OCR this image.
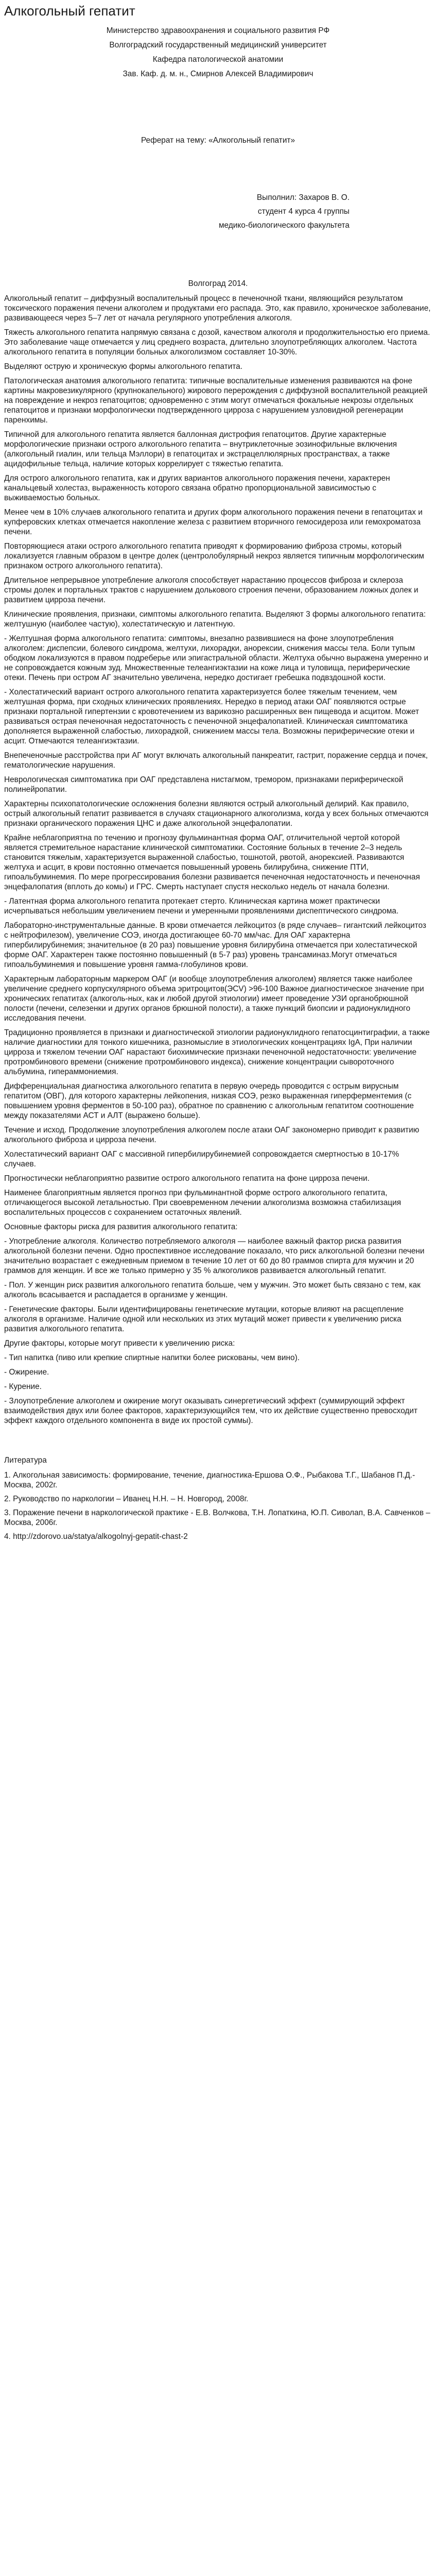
Алкогольный гепатит

Министерство здравоохранения и социального развития РФ

Волгоградский государственный медицинский университет

Кафедра патологической анатомии

Зав. Каф. д. м. н., Смирнов Алексей Владимирович

Реферат на тему: «Алкогольный гепатит»

Выполнил: Захаров В. О.

студент 4 курса 4 группы

медико-биологического факультета

Волгоград 2014.

Алкогольный гепатит – диффузный воспалительный процесс в печеночной ткани, являющийся результатом токсического поражения печени алкоголем и продуктами его распада. Это, как правило, хроническое заболевание, развивающееся через 5–7 лет от начала регулярного употребления алкоголя.

Тяжесть алкогольного гепатита напрямую связана с дозой, качеством алкоголя и продолжительностью его приема. Это заболевание чаще отмечается у лиц среднего возраста, длительно злоупотребляющих алкоголем. Частота алкогольного гепатита в популяции больных алкоголизмом составляет 10-30%.

Выделяют острую и хроническую формы алкогольного гепатита.

Патологическая анатомия алкогольного гепатита: типичные воспалительные изменения развиваются на фоне картины макровезикулярного (крупнокапельного) жирового перерождения с диффузной воспалительной реакцией на повреждение и некроз гепатоцитов; одновременно с этим могут отмечаться фокальные некрозы отдельных гепатоцитов и признаки морфологически подтвержденного цирроза с нарушением узловидной регенерации паренхимы.

Типичной для алкогольного гепатита является баллонная дистрофия гепатоцитов. Другие характерные морфологические признаки острого алкогольного гепатита – внутриклеточные эозинофильные включения (алкогольный гиалин, или тельца Мэллори) в гепатоцитах и экстрацеллюлярных пространствах, а также ацидофильные тельца, наличие которых коррелирует с тяжестью гепатита.

Для острого алкогольного гепатита, как и других вариантов алкогольного поражения печени, характерен канальцевый холестаз, выраженность которого связана обратно пропорциональной зависимостью с выживаемостью больных.

Менее чем в 10% случаев алкогольного гепатита и других форм алкогольного поражения печени в гепатоцитах и купферовских клетках отмечается накопление железа с развитием вторичного гемосидероза или гемохроматоза печени.

Повторяющиеся атаки острого алкогольного гепатита приводят к формированию фиброза стромы, который локализуется главным образом в центре долек (центролобулярный некроз является типичным морфологическим признаком острого алкогольного гепатита).

Длительное непрерывное употребление алкоголя способствует нарастанию процессов фиброза и склероза стромы долек и портальных трактов с нарушением долькового строения печени, образованием ложных долек и развитием цирроза печени.

Клинические проявления, признаки, симптомы алкогольного гепатита. Выделяют 3 формы алкогольного гепатита: желтушную (наиболее частую), холестатическую и латентную.

- Желтушная форма алкогольного гепатита: симптомы, внезапно развившиеся на фоне злоупотребления алкоголем: диспепсии, болевого синдрома, желтухи, лихорадки, анорексии, снижения массы тела. Боли тупым ободком локализуются в правом подреберье или эпигастральной области. Желтуха обычно выражена умеренно и не сопровождается кожным зуд. Множественные телеангиэктазии на коже лица и туловища, периферические отеки. Печень при остром АГ значительно увеличена, нередко достигает гребешка подвздошной кости.

- Холестатический вариант острого алкогольного гепатита характеризуется более тяжелым течением, чем желтушная форма, при сходных клинических проявлениях. Нередко в период атаки ОАГ появляются острые признаки портальной гипертензии с кровотечением из варикозно расширенных вен пищевода и асцитом. Может развиваться острая печеночная недостаточность с печеночной энцефалопатией. Клиническая симптоматика дополняется выраженной слабостью, лихорадкой, снижением массы тела. Возможны периферические отеки и асцит. Отмечаются телеангиэктазии.

Внепеченочные расстройства при АГ могут включать алкогольный панкреатит, гастрит, поражение сердца и почек, гематологические нарушения.

Неврологическая симптоматика при ОАГ представлена нистагмом, тремором, признаками периферической полинейропатии.

Характерны психопатологические осложнения болезни являются острый алкогольный делирий. Как правило, острый алкогольный гепатит развивается в случаях стационарного алкоголизма, когда у всех больных отмечаются признаки органического поражения ЦНС и даже алкогольной энцефалопатии.

Крайне неблагоприятна по течению и прогнозу фульминантная форма ОАГ, отличительной чертой которой является стремительное нарастание клинической симптоматики. Состояние больных в течение 2–3 недель становится тяжелым, характеризуется выраженной слабостью, тошнотой, рвотой, анорексией. Развиваются желтуха и асцит, в крови постоянно отмечается повышенный уровень билирубина, снижение ПТИ, гипоальбуминемия. По мере прогрессирования болезни развивается печеночная недостаточность и печеночная энцефалопатия (вплоть до комы) и ГРС. Смерть наступает спустя несколько недель от начала болезни.

- Латентная форма алкогольного гепатита протекает стерто. Клиническая картина может практически исчерпываться небольшим увеличением печени и умеренными проявлениями диспептического синдрома.

Лабораторно-инструментальные данные. В крови отмечается лейкоцитоз (в ряде случаев– гигантский лейкоцитоз с нейтрофилезом), увеличение СОЭ, иногда достигающее 60-70 мм/час. Для ОАГ характерна гипербилирубинемия; значительное (в 20 раз) повышение уровня билирубина отмечается при холестатической форме ОАГ. Характерен также постоянно повышенный (в 5-7 раз) уровень трансаминаз.Могут отмечаться гипоальбуминемия и повышение уровня гамма-глобулинов крови.

Характерным лабораторным маркером ОАГ (и вообще злоупотребления алкоголем) является также наиболее увеличение среднего корпускулярного объема эритроцитов(ЭСV) >96-100 Важное диагностическое значение при хронических гепатитах (алкоголь-ных, как и любой другой этиологии) имеет проведение УЗИ органобрюшной полости (печени, селезенки и других органов брюшной полости), а также пункций биопсии и радионуклидного исследования печени.

Традиционно проявляется в признаки и диагностической этиологии радионуклидного гепатосцинтиграфии, а также наличие диагностики для тонкого кишечника, разномыслие в этиологических концентрациях IgA, При наличии цирроза и тяжелом течении ОАГ нарастают биохимические признаки печеночной недостаточности: увеличение протромбинового времени (снижение протромбинового индекса), снижение концентрации сывороточного альбумина, гипераммониемия.

Дифференциальная диагностика алкогольного гепатита в первую очередь проводится с острым вирусным гепатитом (ОВГ), для которого характерны лейкопения, низкая СОЭ, резко выраженная гиперферментемия (с повышением уровня ферментов в 50-100 раз), обратное по сравнению с алкогольным гепатитом соотношение между показателями АСТ и АЛТ (выражено больше).

Течение и исход. Продолжение злоупотребления алкоголем после атаки ОАГ закономерно приводит к развитию алкогольного фиброза и цирроза печени.

Холестатический вариант ОАГ с массивной гипербилирубинемией сопровождается смертностью в 10-17% случаев.

Прогностически неблагоприятно развитие острого алкогольного гепатита на фоне цирроза печени.

Наименее благоприятным является прогноз при фульминантной форме острого алкогольного гепатита, отличающегося высокой летальностью. При своевременном лечении алкоголизма возможна стабилизация воспалительных процессов с сохранением остаточных явлений.

Основные факторы риска для развития алкогольного гепатита:

- Употребление алкоголя. Количество потребляемого алкоголя — наиболее важный фактор риска развития алкогольной болезни печени. Одно проспективное исследование показало, что риск алкогольной болезни печени значительно возрастает с ежедневным приемом в течение 10 лет от 60 до 80 граммов спирта для мужчин и 20 граммов для женщин. И все же только примерно у 35 % алкоголиков развивается алкогольный гепатит.

- Пол. У женщин риск развития алкогольного гепатита больше, чем у мужчин. Это может быть связано с тем, как алкоголь всасывается и распадается в организме у женщин.

- Генетические факторы. Были идентифицированы генетические мутации, которые влияют на расщепление алкоголя в организме. Наличие одной или нескольких из этих мутаций может привести к увеличению риска развития алкогольного гепатита.

Другие факторы, которые могут привести к увеличению риска:

- Тип напитка (пиво или крепкие спиртные напитки более рискованы, чем вино).

- Ожирение.

- Курение.

- Злоупотребление алкоголем и ожирение могут оказывать синергетический эффект (суммирующий эффект взаимодействия двух или более факторов, характеризующийся тем, что их действие существенно превосходит эффект каждого отдельного компонента в виде их простой суммы).

Литература

1. Алкогольная зависимость: формирование, течение, диагностика-Ершова О.Ф., Рыбакова Т.Г., Шабанов П.Д.- Москва, 2002г.

2. Руководство по наркологии – Иванец Н.Н. – Н. Новгород, 2008г.

3. Поражение печени в наркологической практике - Е.В. Волчкова, Т.Н. Лопаткина, Ю.П. Сиволап, В.А. Савченков – Москва, 2006г.

4. http://zdorovo.ua/statya/alkogolnyj-gepatit-chast-2
